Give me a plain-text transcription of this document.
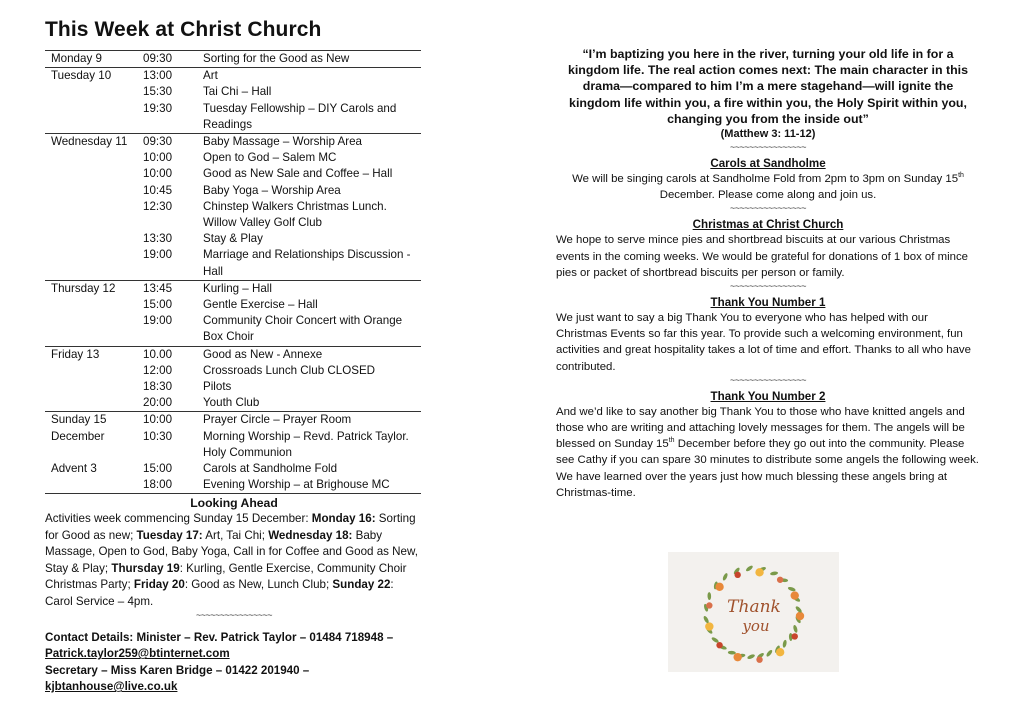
This Week at Christ Church
Monday 9	09:30	Sorting for the Good as New
Tuesday 10	13:00	Art
	15:30	Tai Chi – Hall
	19:30	Tuesday Fellowship – DIY Carols and Readings
Wednesday 11	09:30	Baby Massage – Worship Area
	10:00	Open to God – Salem MC
	10:00	Good as New Sale and Coffee – Hall
	10:45	Baby Yoga – Worship Area
	12:30	Chinstep Walkers Christmas Lunch. Willow Valley Golf Club
	13:30	Stay & Play
	19:00	Marriage and Relationships Discussion - Hall
Thursday 12	13:45	Kurling – Hall
	15:00	Gentle Exercise – Hall
	19:00	Community Choir Concert with Orange Box Choir
Friday 13	10.00	Good as New - Annexe
	12:00	Crossroads Lunch Club CLOSED
	18:30	Pilots
	20:00	Youth Club
Sunday 15	10:00	Prayer Circle – Prayer Room
December	10:30	Morning Worship – Revd. Patrick Taylor. Holy Communion
Advent 3	15:00	Carols at Sandholme Fold
	18:00	Evening Worship – at Brighouse MC
Looking Ahead

Activities week commencing Sunday 15 December: Monday 16: Sorting for Good as new; Tuesday 17: Art, Tai Chi; Wednesday 18: Baby Massage, Open to God, Baby Yoga, Call in for Coffee and Good as New, Stay & Play; Thursday 19: Kurling, Gentle Exercise, Community Choir Christmas Party; Friday 20: Good as New, Lunch Club; Sunday 22: Carol Service – 4pm.

~~~~~~~~~~~~~~~~
Contact Details: Minister – Rev. Patrick Taylor – 01484 718948 –
Patrick.taylor259@btinternet.com
Secretary – Miss Karen Bridge – 01422 201940 – kjbtanhouse@live.co.uk

“I’m baptizing you here in the river, turning your old life in for a kingdom life. The real action comes next: The main character in this drama—compared to him I’m a mere stagehand—will ignite the kingdom life within you, a fire within you, the Holy Spirit within you, changing you from the inside out”

(Matthew 3: 11-12)
~~~~~~~~~~~~~~~~
Carols at Sandholme

We will be singing carols at Sandholme Fold from 2pm to 3pm on Sunday 15th December. Please come along and join us.

~~~~~~~~~~~~~~~~
Christmas at Christ Church

We hope to serve mince pies and shortbread biscuits at our various Christmas events in the coming weeks. We would be grateful for donations of 1 box of mince pies or packet of shortbread biscuits per person or family.

~~~~~~~~~~~~~~~~
Thank You Number 1

We just want to say a big Thank You to everyone who has helped with our Christmas Events so far this year. To provide such a welcoming environment, fun activities and great hospitality takes a lot of time and effort. Thanks to all who have contributed.

~~~~~~~~~~~~~~~~
Thank You Number 2

And we’d like to say another big Thank You to those who have knitted angels and those who are writing and attaching lovely messages for them. The angels will be blessed on Sunday 15th December before they go out into the community. Please see Cathy if you can spare 30 minutes to distribute some angels the following week. We have learned over the years just how much blessing these angels bring at Christmas-time.

Thank
you
